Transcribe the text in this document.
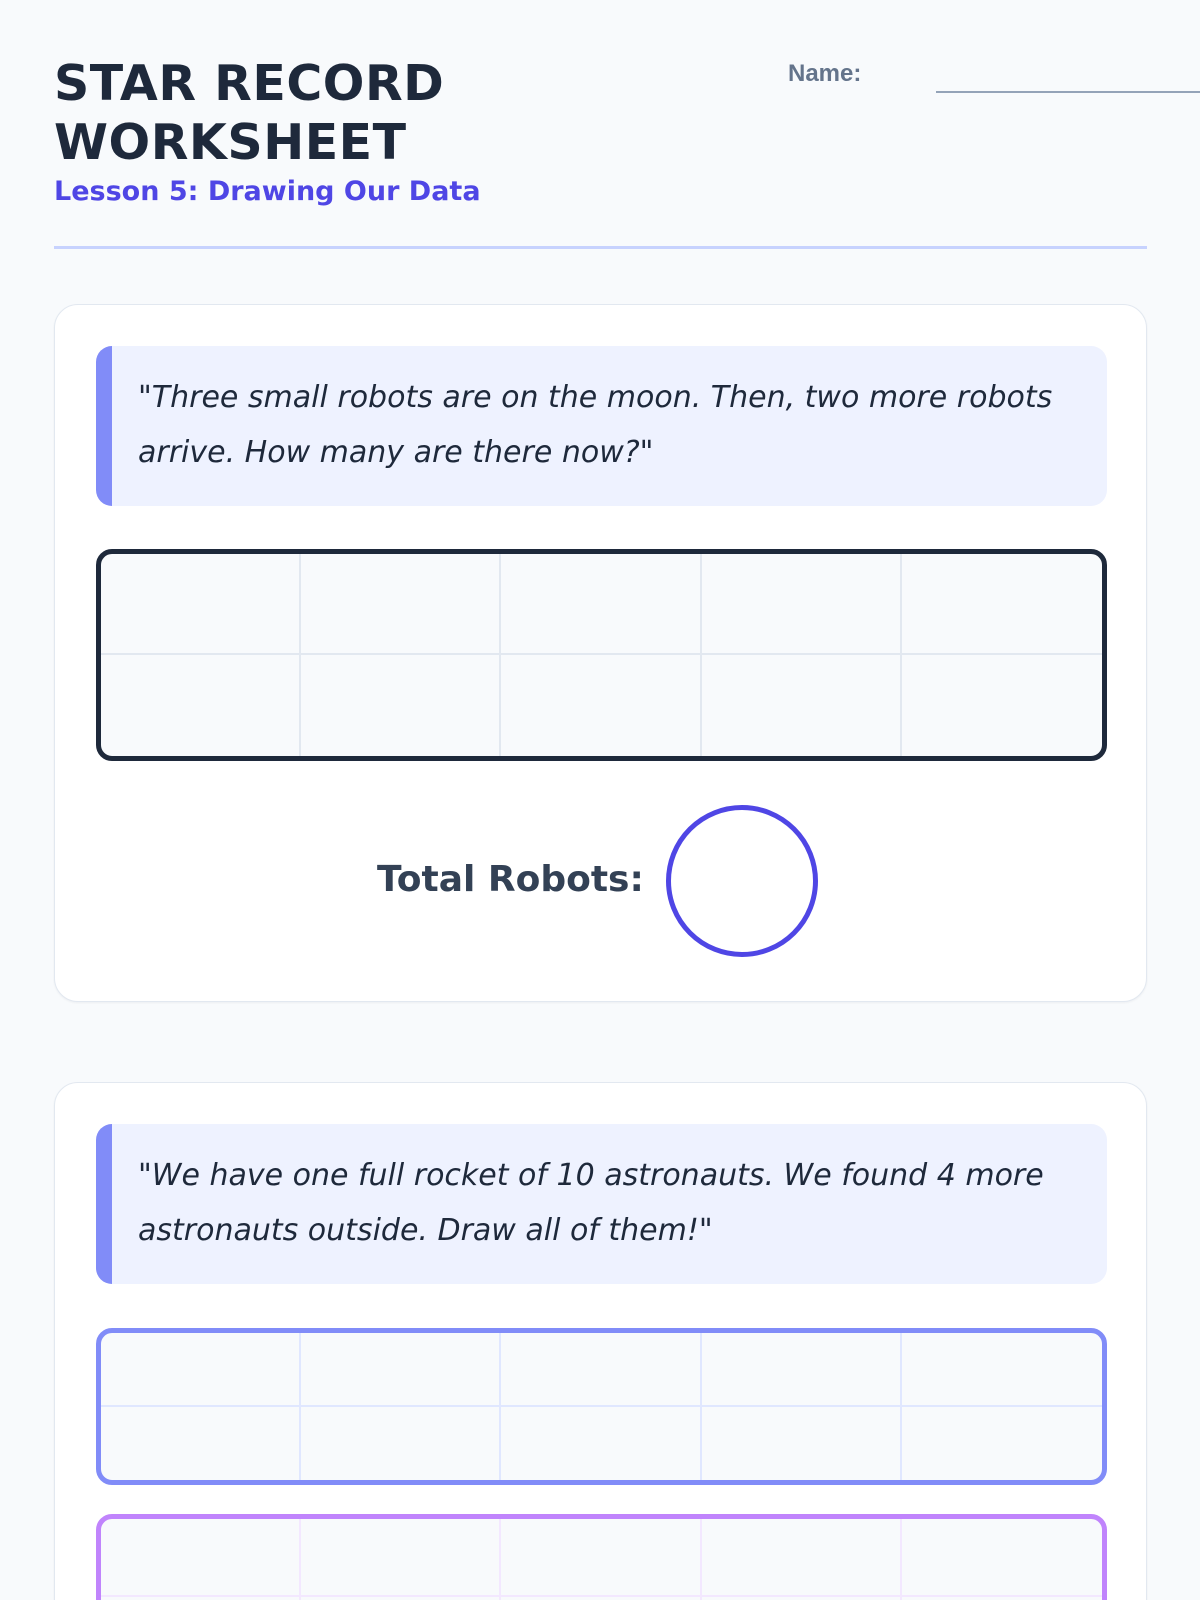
STAR RECORD WORKSHEET
Lesson 5: Drawing Our Data
Name:
"Three small robots are on the moon. Then, two more robots arrive. How many are there now?"
Total Robots:
"We have one full rocket of 10 astronauts. We found 4 more astronauts outside. Draw all of them!"
